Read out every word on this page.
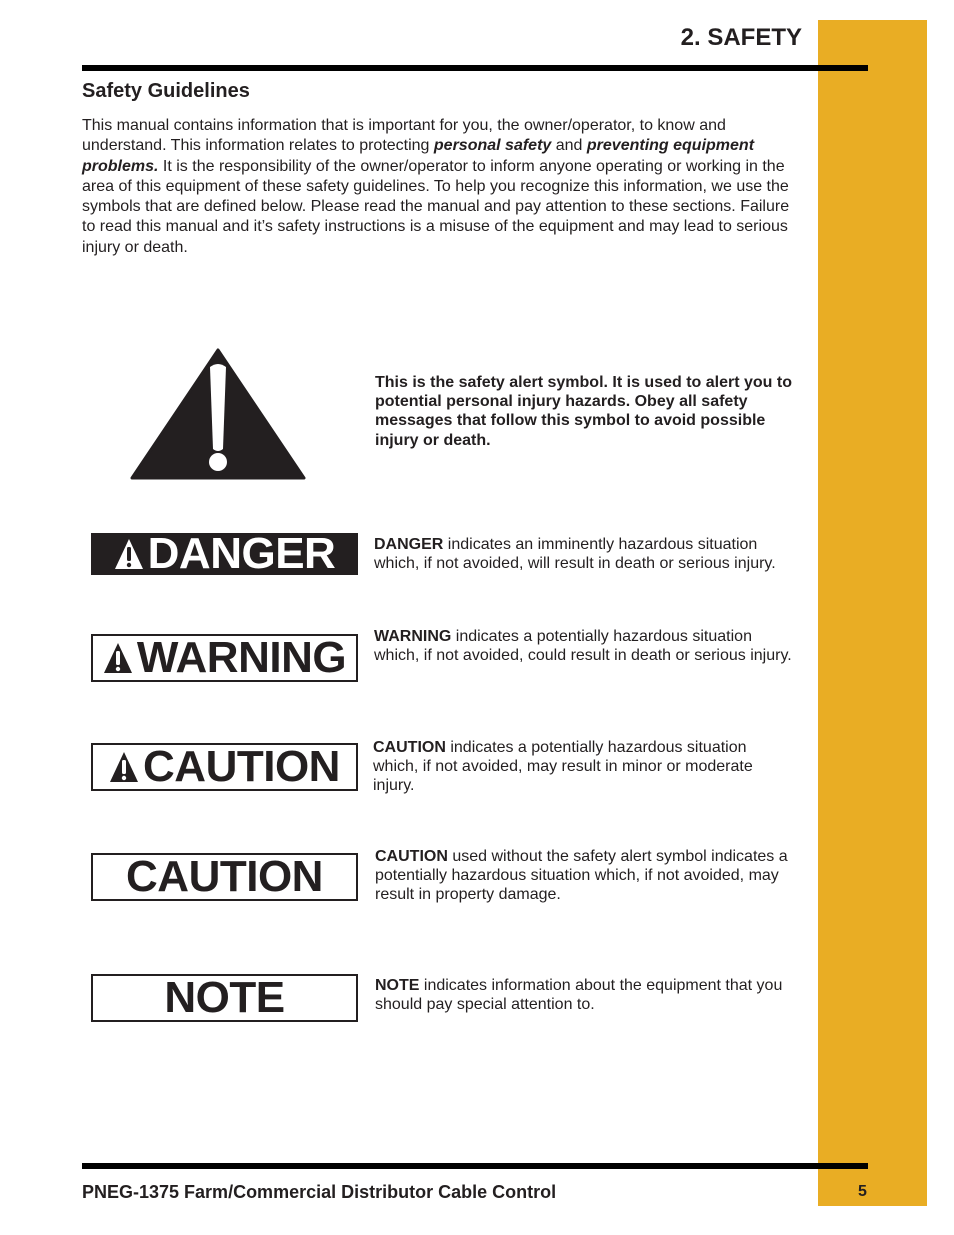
2. SAFETY
Safety Guidelines

This manual contains information that is important for you, the owner/operator, to know and understand. This information relates to protecting personal safety and preventing equipment problems. It is the responsibility of the owner/operator to inform anyone operating or working in the area of this equipment of these safety guidelines. To help you recognize this information, we use the symbols that are defined below. Please read the manual and pay attention to these sections. Failure to read this manual and it’s safety instructions is a misuse of the equipment and may lead to serious injury or death.

This is the safety alert symbol. It is used to alert you to potential personal injury hazards. Obey all safety messages that follow this symbol to avoid possible injury or death.

DANGER DANGER indicates an imminently hazardous situation which, if not avoided, will result in death or serious injury.

WARNING WARNING indicates a potentially hazardous situation which, if not avoided, could result in death or serious injury.

CAUTION CAUTION indicates a potentially hazardous situation which, if not avoided, may result in minor or moderate injury.

CAUTION	CAUTION used without the safety alert symbol indicates a potentially hazardous situation which, if not avoided, may result in property damage.

NOTE	NOTE indicates information about the equipment that you should pay special attention to.

PNEG-1375 Farm/Commercial Distributor Cable Control	5
